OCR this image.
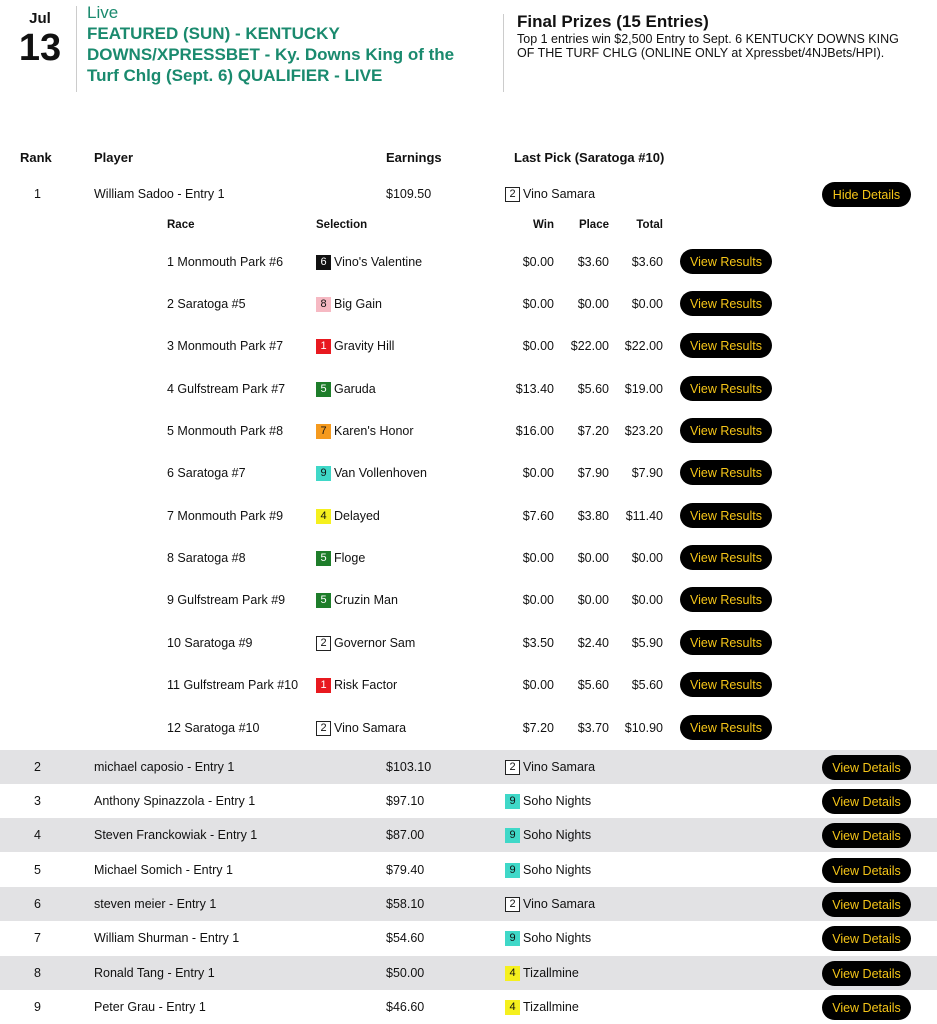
Jul
13
Live
FEATURED (SUN) - KENTUCKY DOWNS/XPRESSBET - Ky. Downs King of the Turf Chlg (Sept. 6) QUALIFIER - LIVE
Final Prizes (15 Entries)
Top 1 entries win $2,500 Entry to Sept. 6 KENTUCKY DOWNS KING OF THE TURF CHLG (ONLINE ONLY at Xpressbet/4NJBets/HPI).
Rank	Player	Earnings	Last Pick (Saratoga #10)
1	William Sadoo - Entry 1	$109.50	2 Vino Samara	Hide Details
2	michael caposio - Entry 1	$103.10	2 Vino Samara	View Details
3	Anthony Spinazzola - Entry 1	$97.10	9 Soho Nights	View Details
4	Steven Franckowiak - Entry 1	$87.00	9 Soho Nights	View Details
5	Michael Somich - Entry 1	$79.40	9 Soho Nights	View Details
6	steven meier - Entry 1	$58.10	2 Vino Samara	View Details
7	William Shurman - Entry 1	$54.60	9 Soho Nights	View Details
8	Ronald Tang - Entry 1	$50.00	4 Tizallmine	View Details
9	Peter Grau - Entry 1	$46.60	4 Tizallmine	View Details
Race	Selection	Win	Place	Total
1 Monmouth Park #6	6 Vino's Valentine	$0.00	$3.60	$3.60	View Results
2 Saratoga #5	8 Big Gain	$0.00	$0.00	$0.00	View Results
3 Monmouth Park #7	1 Gravity Hill	$0.00	$22.00	$22.00	View Results
4 Gulfstream Park #7	5 Garuda	$13.40	$5.60	$19.00	View Results
5 Monmouth Park #8	7 Karen's Honor	$16.00	$7.20	$23.20	View Results
6 Saratoga #7	9 Van Vollenhoven	$0.00	$7.90	$7.90	View Results
7 Monmouth Park #9	4 Delayed	$7.60	$3.80	$11.40	View Results
8 Saratoga #8	5 Floge	$0.00	$0.00	$0.00	View Results
9 Gulfstream Park #9	5 Cruzin Man	$0.00	$0.00	$0.00	View Results
10 Saratoga #9	2 Governor Sam	$3.50	$2.40	$5.90	View Results
11 Gulfstream Park #10	1 Risk Factor	$0.00	$5.60	$5.60	View Results
12 Saratoga #10	2 Vino Samara	$7.20	$3.70	$10.90	View Results
